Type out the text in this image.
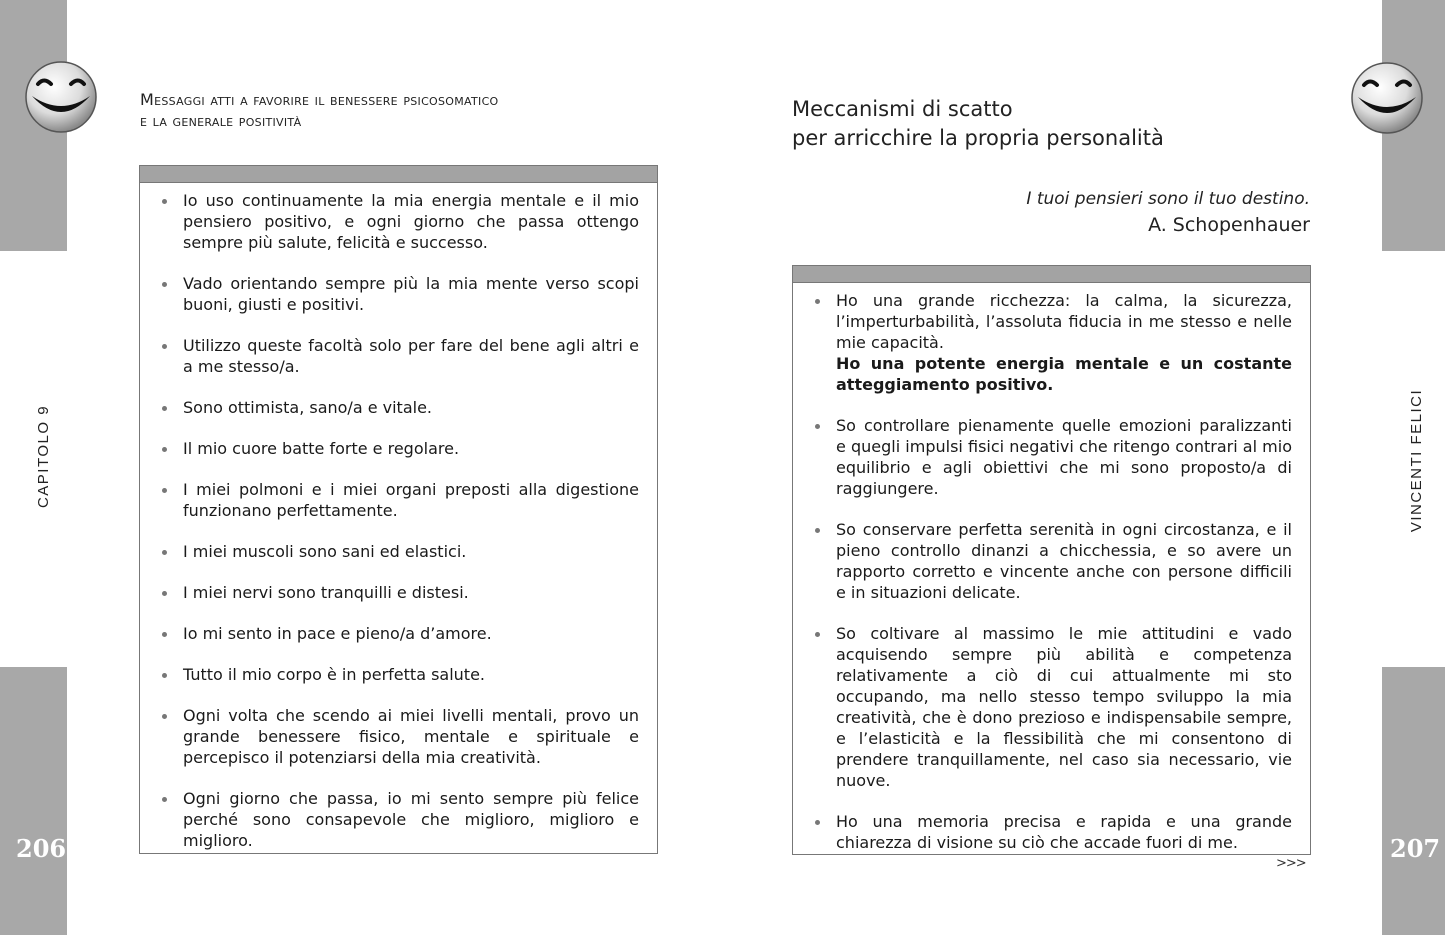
CAPITOLO 9
206
Messaggi atti a favorire il benessere psicosomatico
e la generale positività
Io uso continuamente la mia energia mentale e il mio pensiero positivo, e ogni giorno che passa ottengo sempre più salute, felicità e successo.
Vado orientando sempre più la mia mente verso scopi buoni, giusti e positivi.
Utilizzo queste facoltà solo per fare del bene agli altri e a me stesso/a.
Sono ottimista, sano/a e vitale.
Il mio cuore batte forte e regolare.
I miei polmoni e i miei organi preposti alla digestione funzionano perfettamente.
I miei muscoli sono sani ed elastici.
I miei nervi sono tranquilli e distesi.
Io mi sento in pace e pieno/a d’amore.
Tutto il mio corpo è in perfetta salute.
Ogni volta che scendo ai miei livelli mentali, provo un grande benessere fisico, mentale e spirituale e percepisco il potenziarsi della mia creatività.
Ogni giorno che passa, io mi sento sempre più felice perché sono consapevole che miglioro, miglioro e miglioro.
VINCENTI FELICI
207
Meccanismi di scatto
per arricchire la propria personalità
I tuoi pensieri sono il tuo destino.
A. Schopenhauer
Ho una grande ricchezza: la calma, la sicurezza, l’imperturbabilità, l’assoluta fiducia in me stesso e nelle mie capacità.
Ho una potente energia mentale e un costante atteggiamento positivo.
So controllare pienamente quelle emozioni paralizzanti e quegli impulsi fisici negativi che ritengo contrari al mio equilibrio e agli obiettivi che mi sono proposto/a di raggiungere.
So conservare perfetta serenità in ogni circostanza, e il pieno controllo dinanzi a chicchessia, e so avere un rapporto corretto e vincente anche con persone difficili e in situazioni delicate.
So coltivare al massimo le mie attitudini e vado acquisendo sempre più abilità e competenza relativamente a ciò di cui attualmente mi sto occupando, ma nello stesso tempo sviluppo la mia creatività, che è dono prezioso e indispensabile sempre, e l’elasticità e la flessibilità che mi consentono di prendere tranquillamente, nel caso sia necessario, vie nuove.
Ho una memoria precisa e rapida e una grande chiarezza di visione su ciò che accade fuori di me.
>>>
